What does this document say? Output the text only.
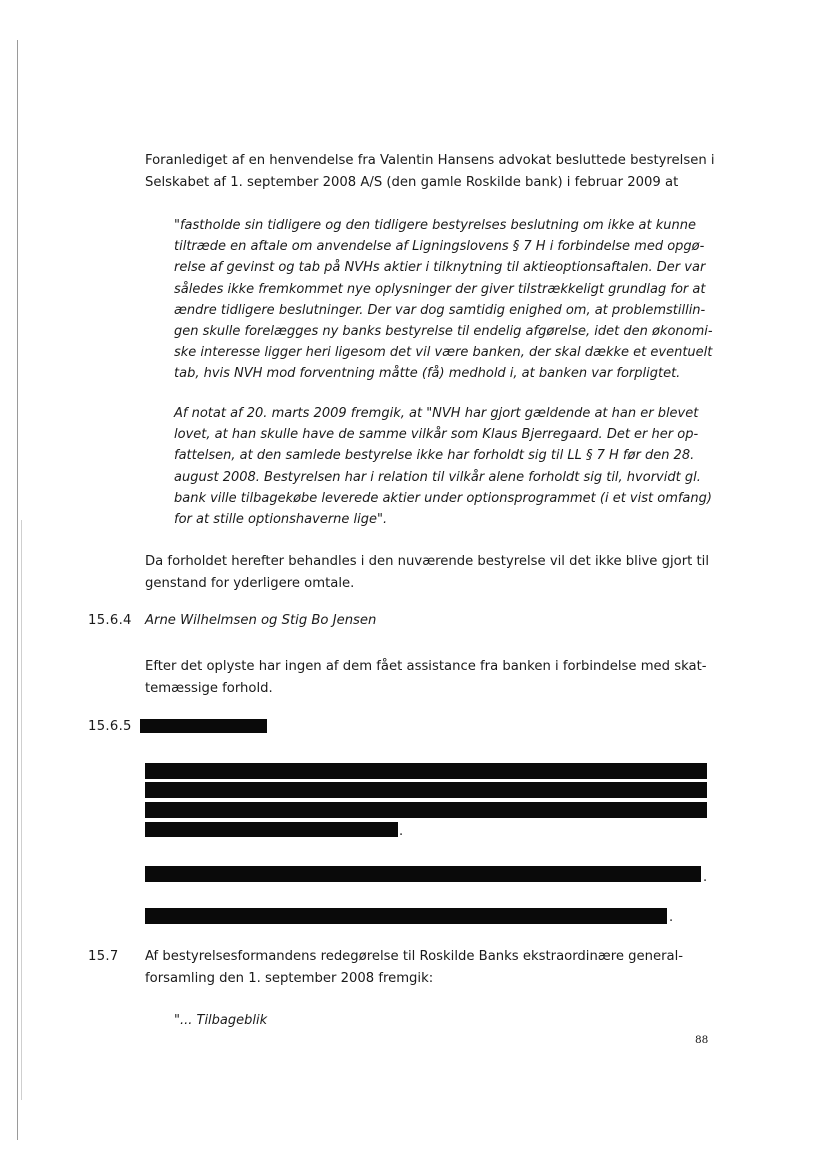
Foranlediget af en henvendelse fra Valentin Hansens advokat besluttede bestyrelsen i
Selskabet af 1. september 2008 A/S (den gamle Roskilde bank) i februar 2009 at
"fastholde sin tidligere og den tidligere bestyrelses beslutning om ikke at kunne
tiltræde en aftale om anvendelse af Ligningslovens § 7 H i forbindelse med opgø-
relse af gevinst og tab på NVHs aktier i tilknytning til aktieoptionsaftalen. Der var
således ikke fremkommet nye oplysninger der giver tilstrækkeligt grundlag for at
ændre tidligere beslutninger. Der var dog samtidig enighed om, at problemstillin-
gen skulle forelægges ny banks bestyrelse til endelig afgørelse, idet den økonomi-
ske interesse ligger heri ligesom det vil være banken, der skal dække et eventuelt
tab, hvis NVH mod forventning måtte (få) medhold i, at banken var forpligtet.
Af notat af 20. marts 2009 fremgik, at "NVH har gjort gældende at han er blevet
lovet, at han skulle have de samme vilkår som Klaus Bjerregaard. Det er her op-
fattelsen, at den samlede bestyrelse ikke har forholdt sig til LL § 7 H før den 28.
august 2008. Bestyrelsen har i relation til vilkår alene forholdt sig til, hvorvidt gl.
bank ville tilbagekøbe leverede aktier under optionsprogrammet (i et vist omfang)
for at stille optionshaverne lige".
Da forholdet herefter behandles i den nuværende bestyrelse vil det ikke blive gjort til
genstand for yderligere omtale.
15.6.4 Arne Wilhelmsen og Stig Bo Jensen
Efter det oplyste har ingen af dem fået assistance fra banken i forbindelse med skat-
temæssige forhold.
15.6.5
.
.
.
15.7 Af bestyrelsesformandens redegørelse til Roskilde Banks ekstraordinære general-
forsamling den 1. september 2008 fremgik:
"... Tilbageblik
88
